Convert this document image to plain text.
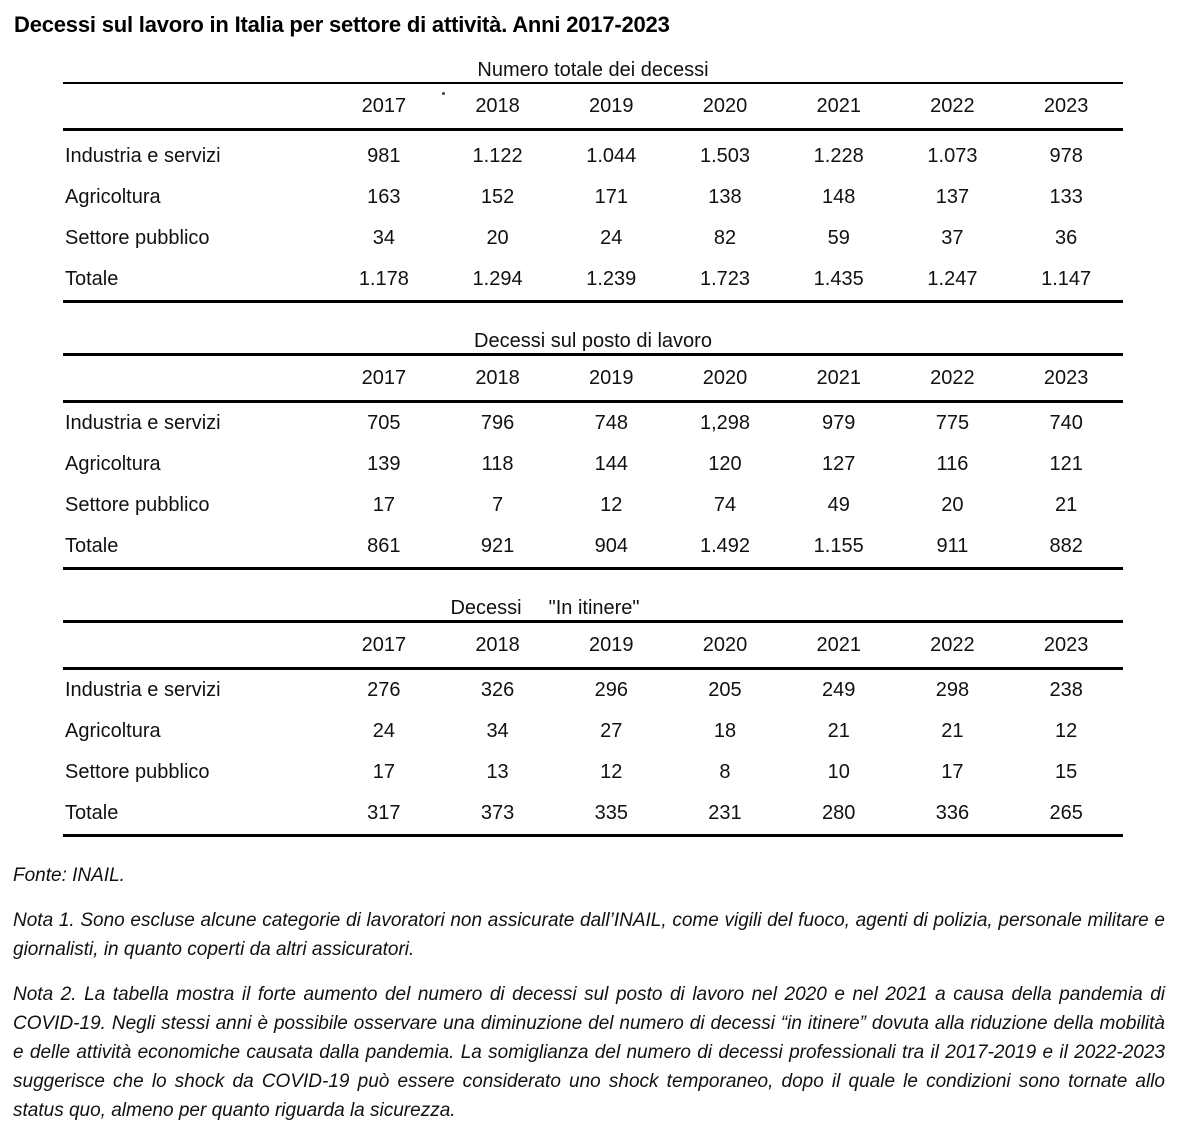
Decessi sul lavoro in Italia per settore di attività. Anni 2017-2023
Numero totale dei decessi
2017	2018	2019	2020	2021	2022	2023
Industria e servizi	981	1.122	1.044	1.503	1.228	1.073	978
Agricoltura	163	152	171	138	148	137	133
Settore pubblico	34	20	24	82	59	37	36
Totale	1.178	1.294	1.239	1.723	1.435	1.247	1.147
Decessi sul posto di lavoro
2017	2018	2019	2020	2021	2022	2023
Industria e servizi	705	796	748	1,298	979	775	740
Agricoltura	139	118	144	120	127	116	121
Settore pubblico	17	7	12	74	49	20	21
Totale	861	921	904	1.492	1.155	911	882
Decessi "In itinere"
2017	2018	2019	2020	2021	2022	2023
Industria e servizi	276	326	296	205	249	298	238
Agricoltura	24	34	27	18	21	21	12
Settore pubblico	17	13	12	8	10	17	15
Totale	317	373	335	231	280	336	265

Fonte: INAIL.

Nota 1. Sono escluse alcune categorie di lavoratori non assicurate dall’INAIL, come vigili del fuoco, agenti di polizia, personale militare e giornalisti, in quanto coperti da altri assicuratori.

Nota 2. La tabella mostra il forte aumento del numero di decessi sul posto di lavoro nel 2020 e nel 2021 a causa della pandemia di COVID-19. Negli stessi anni è possibile osservare una diminuzione del numero di decessi “in itinere” dovuta alla riduzione della mobilità e delle attività economiche causata dalla pandemia. La somiglianza del numero di decessi professionali tra il 2017-2019 e il 2022-2023 suggerisce che lo shock da COVID-19 può essere considerato uno shock temporaneo, dopo il quale le condizioni sono tornate allo status quo, almeno per quanto riguarda la sicurezza.
